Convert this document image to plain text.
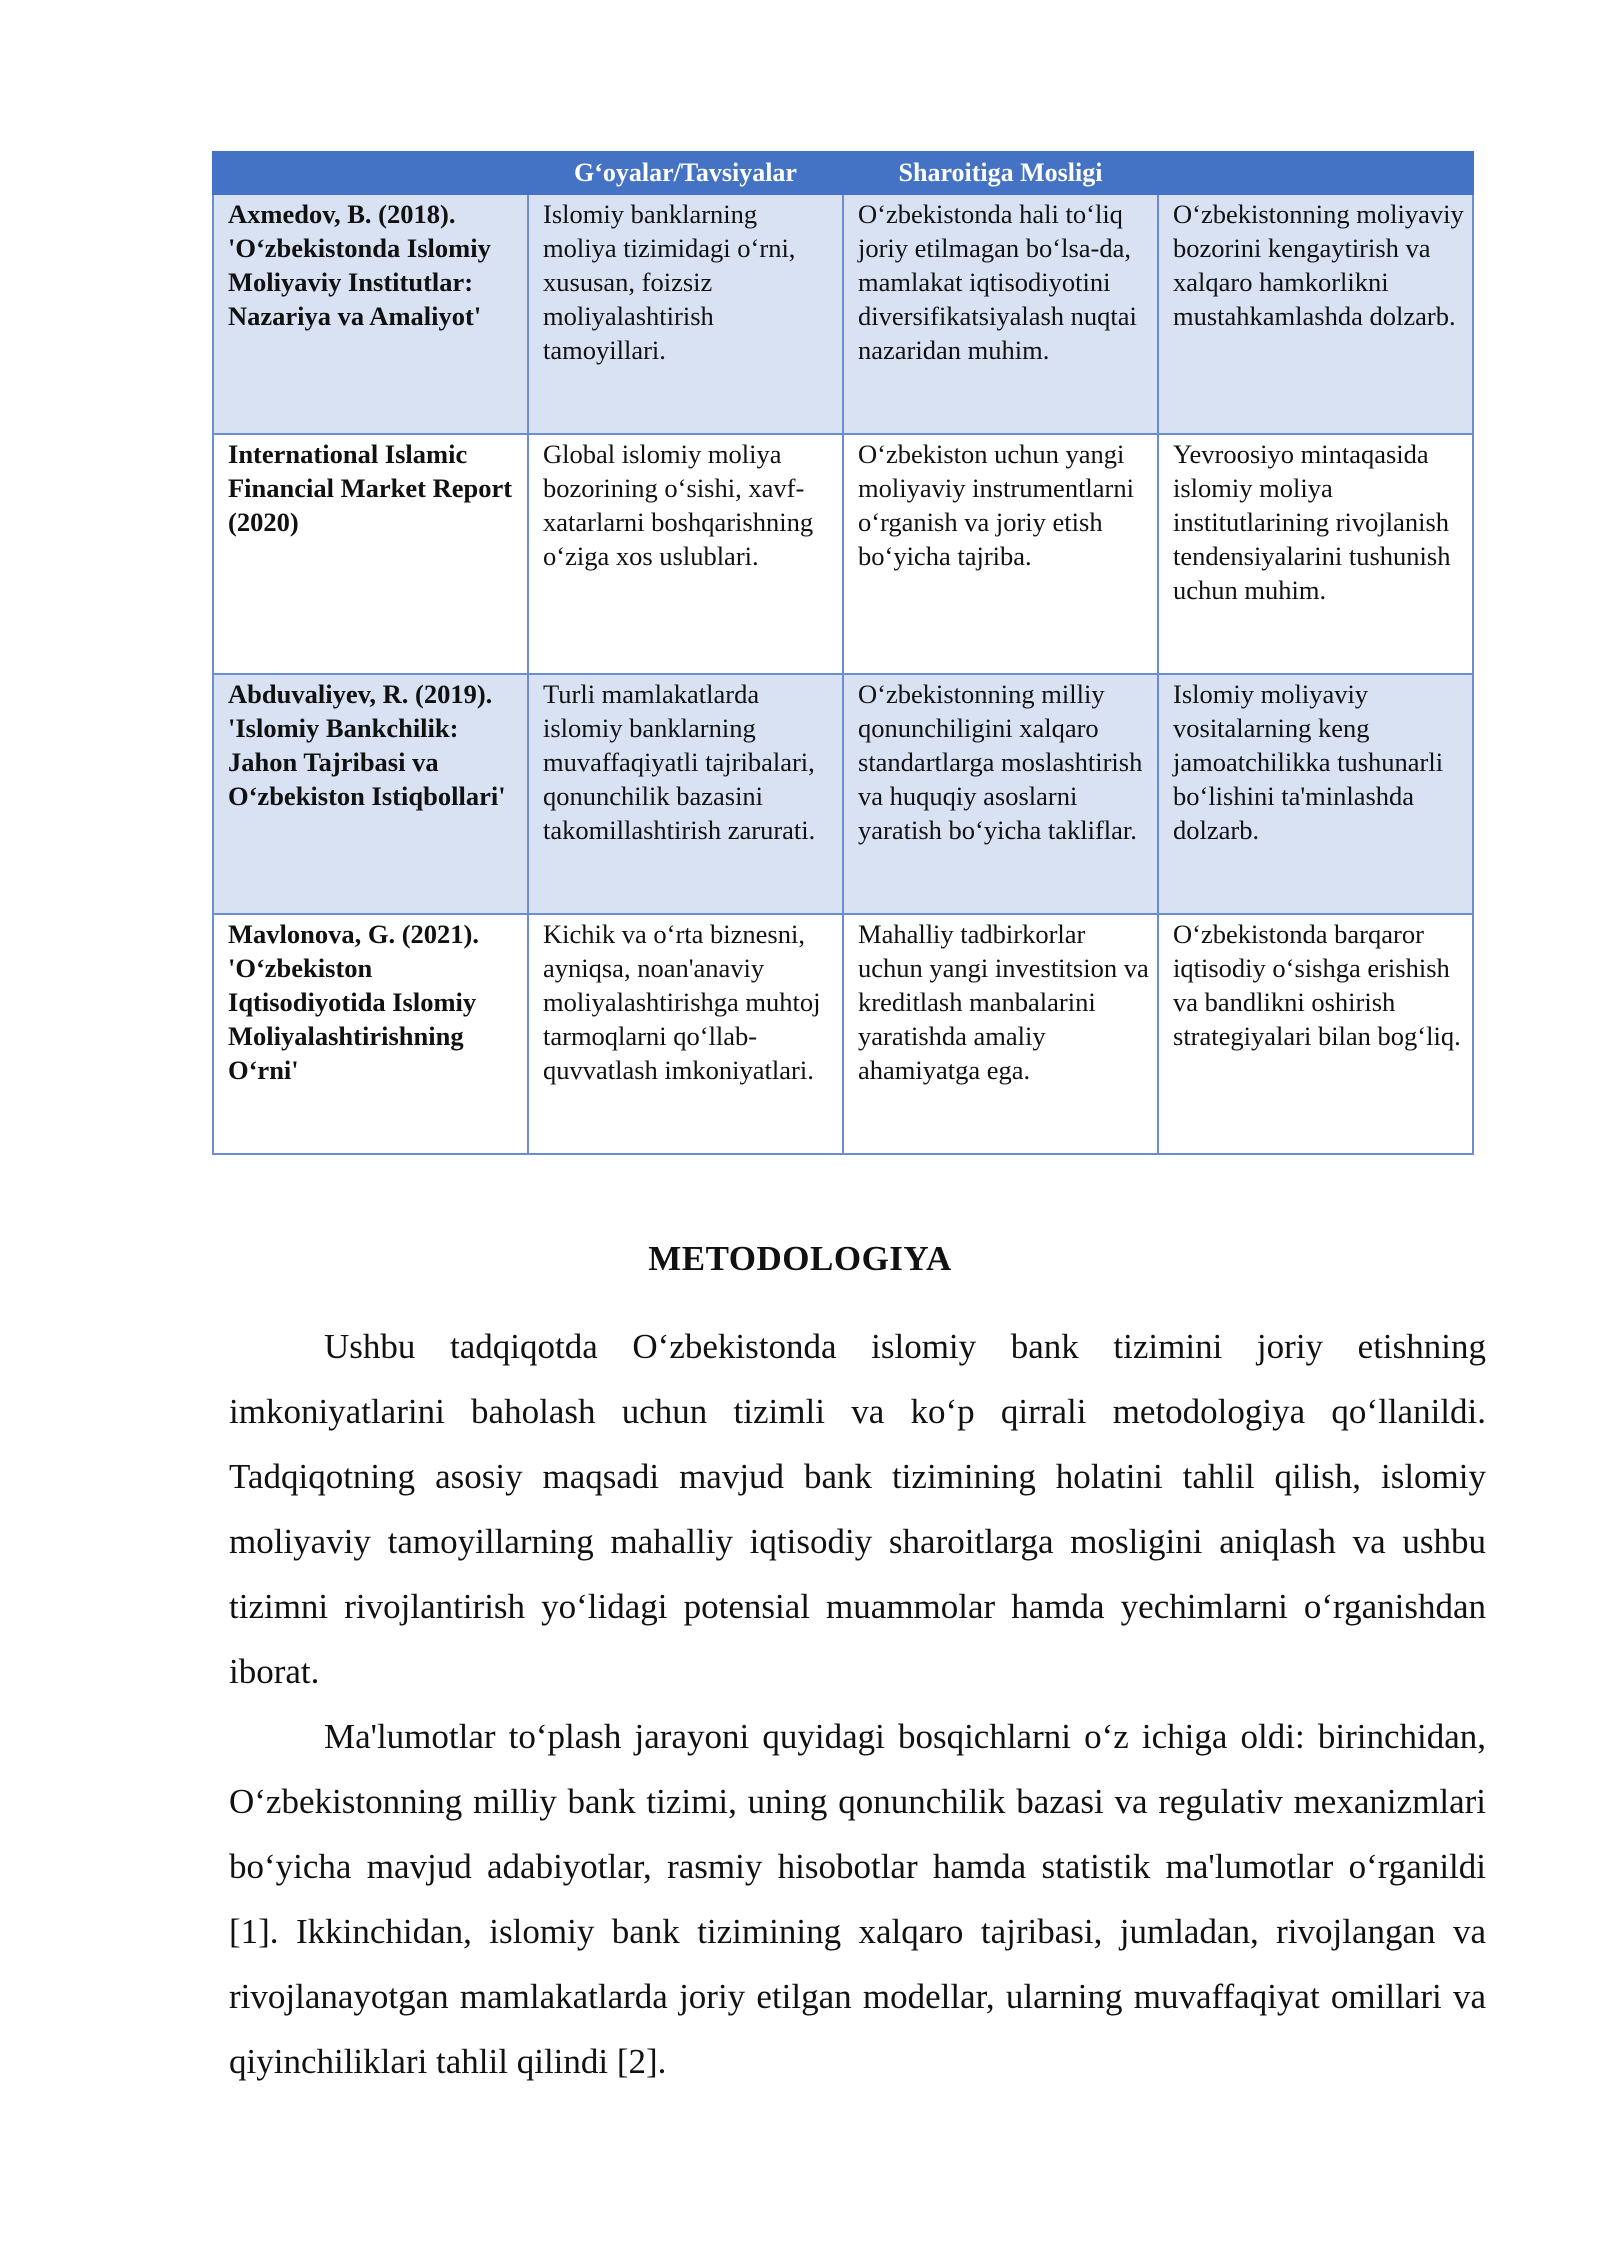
	G‘oyalar/Tavsiyalar	Sharoitiga Mosligi	
Axmedov, B. (2018). 'O‘zbekistonda Islomiy Moliyaviy Institutlar: Nazariya va Amaliyot'	Islomiy banklarning moliya tizimidagi o‘rni, xususan, foizsiz moliyalashtirish tamoyillari.	O‘zbekistonda hali to‘liq joriy etilmagan bo‘lsa-da, mamlakat iqtisodiyotini diversifikatsiyalash nuqtai nazaridan muhim.	O‘zbekistonning moliyaviy bozorini kengaytirish va xalqaro hamkorlikni mustahkamlashda dolzarb.
International Islamic Financial Market Report (2020)	Global islomiy moliya bozorining o‘sishi, xavf-xatarlarni boshqarishning o‘ziga xos uslublari.	O‘zbekiston uchun yangi moliyaviy instrumentlarni o‘rganish va joriy etish bo‘yicha tajriba.	Yevroosiyo mintaqasida islomiy moliya institutlarining rivojlanish tendensiyalarini tushunish uchun muhim.
Abduvaliyev, R. (2019). 'Islomiy Bankchilik: Jahon Tajribasi va O‘zbekiston Istiqbollari'	Turli mamlakatlarda islomiy banklarning muvaffaqiyatli tajribalari, qonunchilik bazasini takomillashtirish zarurati.	O‘zbekistonning milliy qonunchiligini xalqaro standartlarga moslashtirish va huquqiy asoslarni yaratish bo‘yicha takliflar.	Islomiy moliyaviy vositalarning keng jamoatchilikka tushunarli bo‘lishini ta'minlashda dolzarb.
Mavlonova, G. (2021). 'O‘zbekiston Iqtisodiyotida Islomiy Moliyalashtirishning O‘rni'	Kichik va o‘rta biznesni, ayniqsa, noan'anaviy moliyalashtirishga muhtoj tarmoqlarni qo‘llab-quvvatlash imkoniyatlari.	Mahalliy tadbirkorlar uchun yangi investitsion va kreditlash manbalarini yaratishda amaliy ahamiyatga ega.	O‘zbekistonda barqaror iqtisodiy o‘sishga erishish va bandlikni oshirish strategiyalari bilan bog‘liq.
METODOLOGIYA

Ushbu tadqiqotda O‘zbekistonda islomiy bank tizimini joriy etishning imkoniyatlarini baholash uchun tizimli va ko‘p qirrali metodologiya qo‘llanildi. Tadqiqotning asosiy maqsadi mavjud bank tizimining holatini tahlil qilish, islomiy moliyaviy tamoyillarning mahalliy iqtisodiy sharoitlarga mosligini aniqlash va ushbu tizimni rivojlantirish yo‘lidagi potensial muammolar hamda yechimlarni o‘rganishdan iborat.

Ma'lumotlar to‘plash jarayoni quyidagi bosqichlarni o‘z ichiga oldi: birinchidan, O‘zbekistonning milliy bank tizimi, uning qonunchilik bazasi va regulativ mexanizmlari bo‘yicha mavjud adabiyotlar, rasmiy hisobotlar hamda statistik ma'lumotlar o‘rganildi [1]. Ikkinchidan, islomiy bank tizimining xalqaro tajribasi, jumladan, rivojlangan va rivojlanayotgan mamlakatlarda joriy etilgan modellar, ularning muvaffaqiyat omillari va qiyinchiliklari tahlil qilindi [2].
